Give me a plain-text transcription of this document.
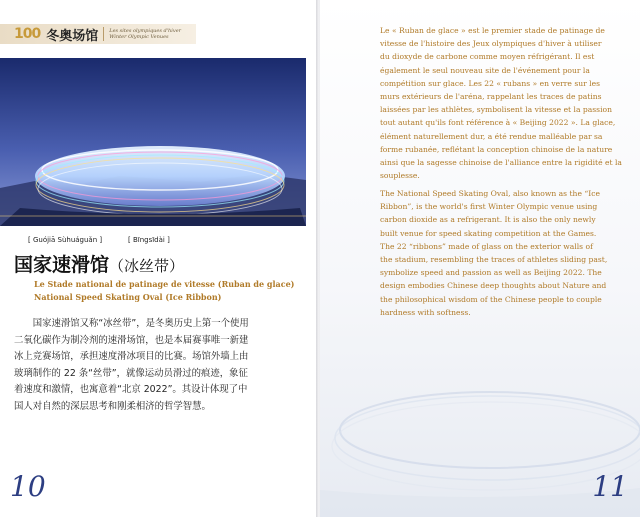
100 冬奥场馆 Les sites olympiques d'hiver
Winter Olympic Venues
[ Guójiā Sùhuáguǎn ]	[ Bīngsīdài ]
国家速滑馆（冰丝带）
Le Stade national de patinage de vitesse (Ruban de glace)
National Speed Skating Oval (Ice Ribbon)

国家速滑馆又称“冰丝带”，是冬奥历史上第一个使用

二氧化碳作为制冷剂的速滑场馆，也是本届赛事唯一新建
冰上竞赛场馆，承担速度滑冰项目的比赛。场馆外墙上由
玻璃制作的 22 条“丝带”，就像运动员滑过的痕迹，象征
着速度和激情，也寓意着“北京 2022”。其设计体现了中
国人对自然的深层思考和刚柔相济的哲学智慧。
10
Le « Ruban de glace » est le premier stade de patinage de
vitesse de l'histoire des Jeux olympiques d'hiver à utiliser
du dioxyde de carbone comme moyen réfrigérant. Il est
également le seul nouveau site de l'événement pour la
compétition sur glace. Les 22 « rubans » en verre sur les
murs extérieurs de l'aréna, rappelant les traces de patins
laissées par les athlètes, symbolisent la vitesse et la passion
tout autant qu'ils font référence à « Beijing 2022 ». La glace,
élément naturellement dur, a été rendue malléable par sa
forme rubanée, reflétant la conception chinoise de la nature
ainsi que la sagesse chinoise de l'alliance entre la rigidité et la
souplesse.
The National Speed Skating Oval, also known as the “Ice
Ribbon”, is the world's first Winter Olympic venue using
carbon dioxide as a refrigerant. It is also the only newly
built venue for speed skating competition at the Games.
The 22 “ribbons” made of glass on the exterior walls of
the stadium, resembling the traces of athletes sliding past,
symbolize speed and passion as well as Beijing 2022. The
design embodies Chinese deep thoughts about Nature and
the philosophical wisdom of the Chinese people to couple
hardness with softness.
11
